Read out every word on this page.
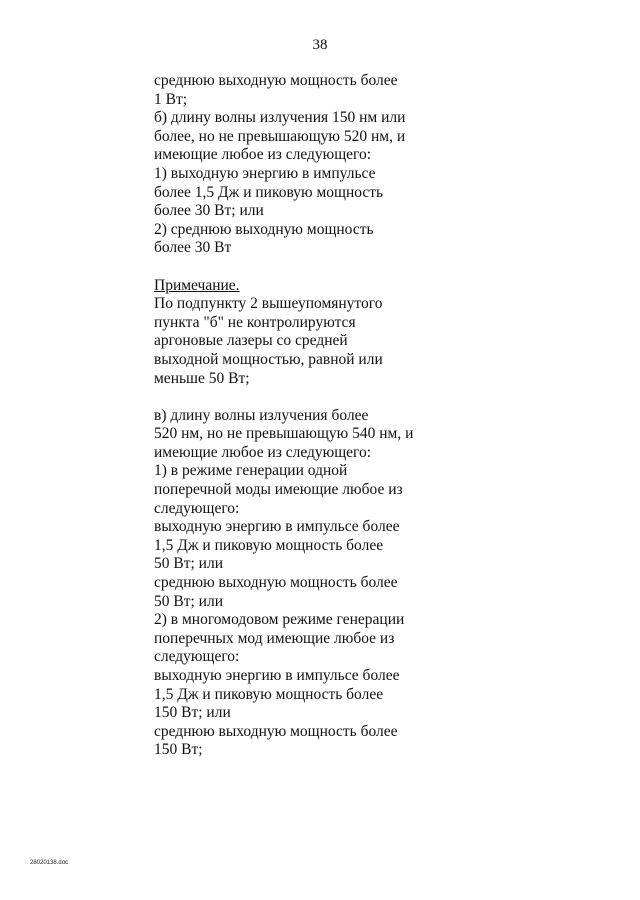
38
среднюю выходную мощность более
1 Вт;
б) длину волны излучения 150 нм или
более, но не превышающую 520 нм, и
имеющие любое из следующего:
1) выходную энергию в импульсе
более 1,5 Дж и пиковую мощность
более 30 Вт; или
2) среднюю выходную мощность
более 30 Вт
Примечание.
По подпункту 2 вышеупомянутого
пункта "б" не контролируются
аргоновые лазеры со средней
выходной мощностью, равной или
меньше 50 Вт;
в) длину волны излучения более
520 нм, но не превышающую 540 нм, и
имеющие любое из следующего:
1) в режиме генерации одной
поперечной моды имеющие любое из
следующего:
выходную энергию в импульсе более
1,5 Дж и пиковую мощность более
50 Вт; или
среднюю выходную мощность более
50 Вт; или
2) в многомодовом режиме генерации
поперечных мод имеющие любое из
следующего:
выходную энергию в импульсе более
1,5 Дж и пиковую мощность более
150 Вт; или
среднюю выходную мощность более
150 Вт;
28020138.doc
